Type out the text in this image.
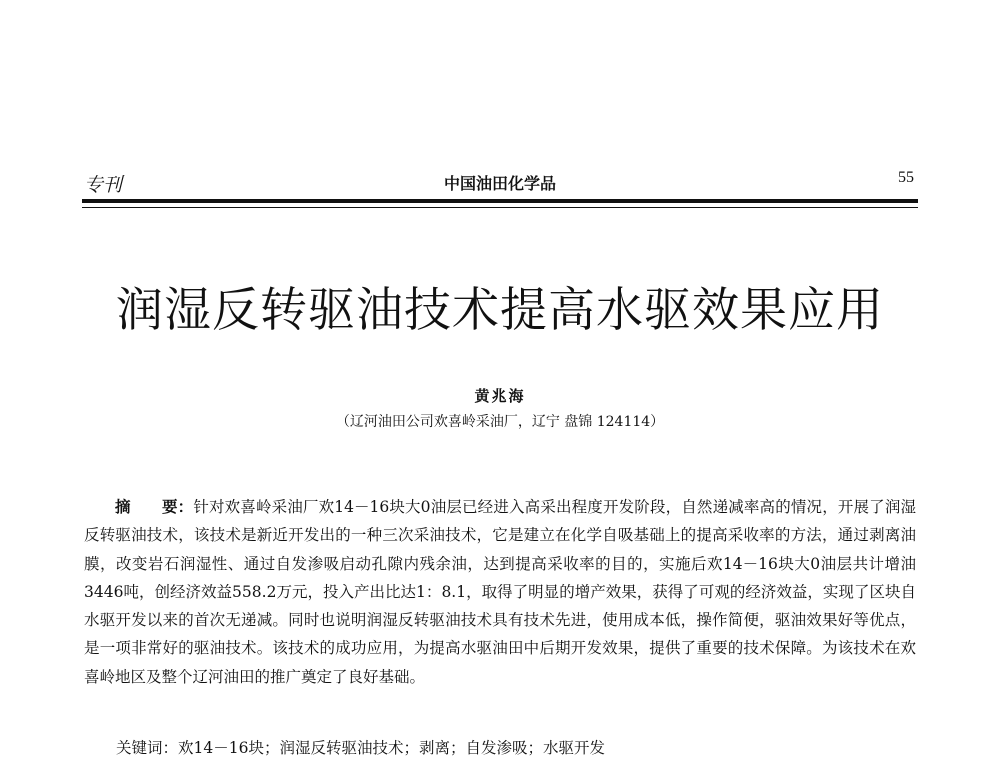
专刊	中国油田化学品	55
润湿反转驱油技术提高水驱效果应用
黄兆海
（辽河油田公司欢喜岭采油厂，辽宁 盘锦 124114）

摘　　要：针对欢喜岭采油厂欢14－16块大0油层已经进入高采出程度开发阶段，自然递减率高的情况，开展了润湿反转驱油技术，该技术是新近开发出的一种三次采油技术，它是建立在化学自吸基础上的提高采收率的方法，通过剥离油膜，改变岩石润湿性、通过自发渗吸启动孔隙内残余油，达到提高采收率的目的，实施后欢14－16块大0油层共计增油3446吨，创经济效益558.2万元，投入产出比达1：8.1，取得了明显的增产效果，获得了可观的经济效益，实现了区块自水驱开发以来的首次无递减。同时也说明润湿反转驱油技术具有技术先进，使用成本低，操作简便，驱油效果好等优点，是一项非常好的驱油技术。该技术的成功应用，为提高水驱油田中后期开发效果，提供了重要的技术保障。为该技术在欢喜岭地区及整个辽河油田的推广奠定了良好基础。

关键词：欢14－16块；润湿反转驱油技术；剥离；自发渗吸；水驱开发
